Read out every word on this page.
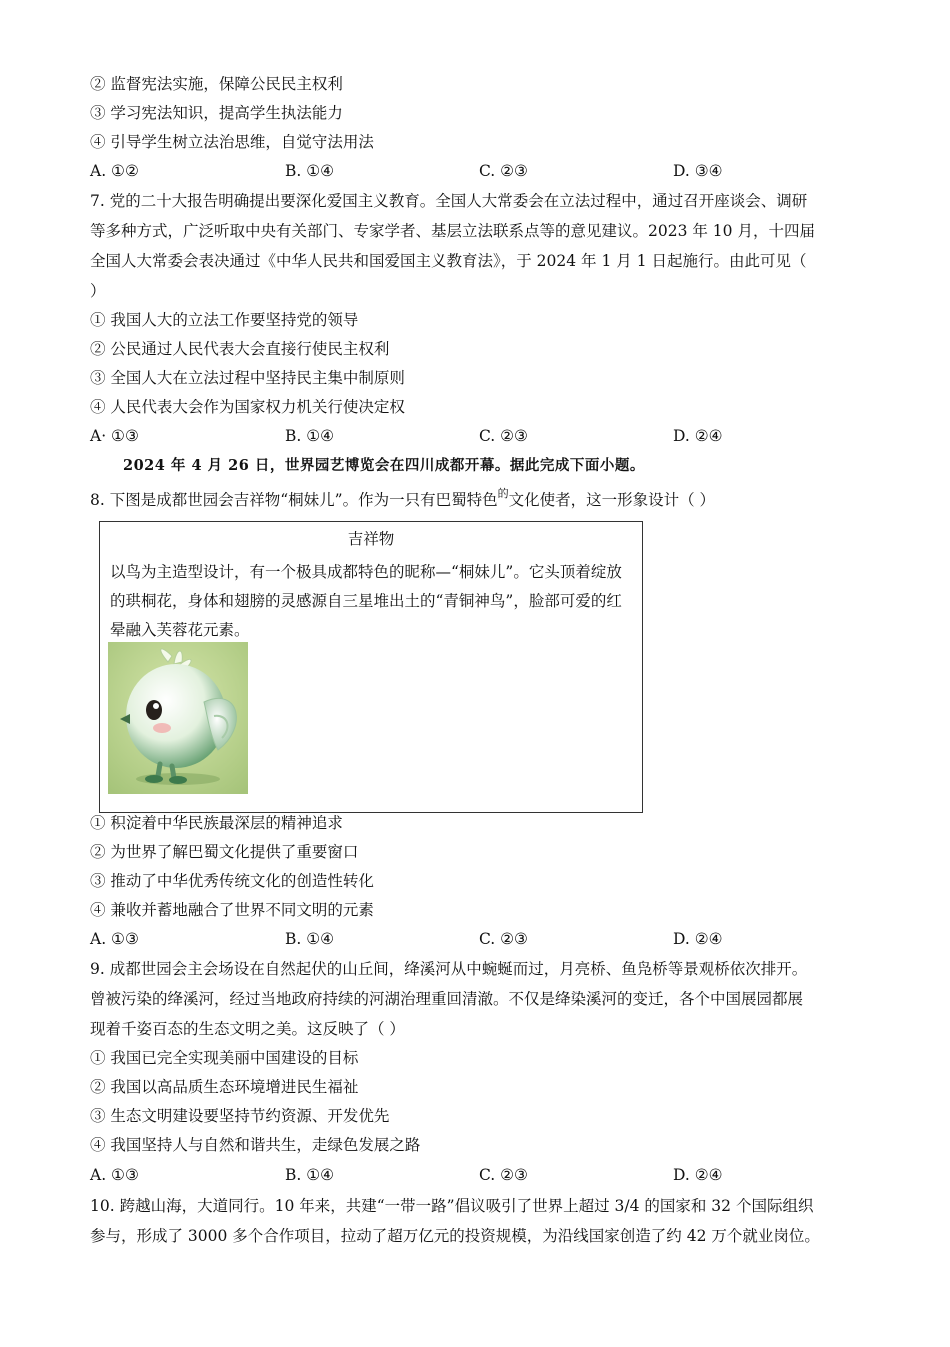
② 监督宪法实施，保障公民民主权利
③ 学习宪法知识，提高学生执法能力
④ 引导学生树立法治思维，自觉守法用法
A. ①②	B. ①④	C. ②③	D. ③④
7. 党的二十大报告明确提出要深化爱国主义教育。全国人大常委会在立法过程中，通过召开座谈会、调研
等多种方式，广泛听取中央有关部门、专家学者、基层立法联系点等的意见建议。2023 年 10 月，十四届
全国人大常委会表决通过《中华人民共和国爱国主义教育法》，于 2024 年 1 月 1 日起施行。由此可见（
）
① 我国人大的立法工作要坚持党的领导
② 公民通过人民代表大会直接行使民主权利
③ 全国人大在立法过程中坚持民主集中制原则
④ 人民代表大会作为国家权力机关行使决定权
A· ①③	B. ①④	C. ②③	D. ②④
2024 年 4 月 26 日，世界园艺博览会在四川成都开幕。据此完成下面小题。
8. 下图是成都世园会吉祥物“桐妹儿”。作为一只有巴蜀特色$^的$文化使者，这一形象设计（ ）
吉祥物
以鸟为主造型设计，有一个极具成都特色的昵称—“桐妹儿”。它头顶着绽放的珙桐花，身体和翅膀的灵感源自三星堆出土的“青铜神鸟”，脸部可爱的红晕融入芙蓉花元素。
① 积淀着中华民族最深层的精神追求
② 为世界了解巴蜀文化提供了重要窗口
③ 推动了中华优秀传统文化的创造性转化
④ 兼收并蓄地融合了世界不同文明的元素
A. ①③	B. ①④	C. ②③	D. ②④
9. 成都世园会主会场设在自然起伏的山丘间，绛溪河从中蜿蜒而过，月亮桥、鱼凫桥等景观桥依次排开。
曾被污染的绛溪河，经过当地政府持续的河湖治理重回清澈。不仅是绛染溪河的变迁，各个中国展园都展
现着千姿百态的生态文明之美。这反映了（ ）
① 我国已完全实现美丽中国建设的目标
② 我国以高品质生态环境增进民生福祉
③ 生态文明建设要坚持节约资源、开发优先
④ 我国坚持人与自然和谐共生，走绿色发展之路
A. ①③	B. ①④	C. ②③	D. ②④
10. 跨越山海，大道同行。10 年来，共建“一带一路”倡议吸引了世界上超过 3/4 的国家和 32 个国际组织
参与，形成了 3000 多个合作项目，拉动了超万亿元的投资规模，为沿线国家创造了约 42 万个就业岗位。
